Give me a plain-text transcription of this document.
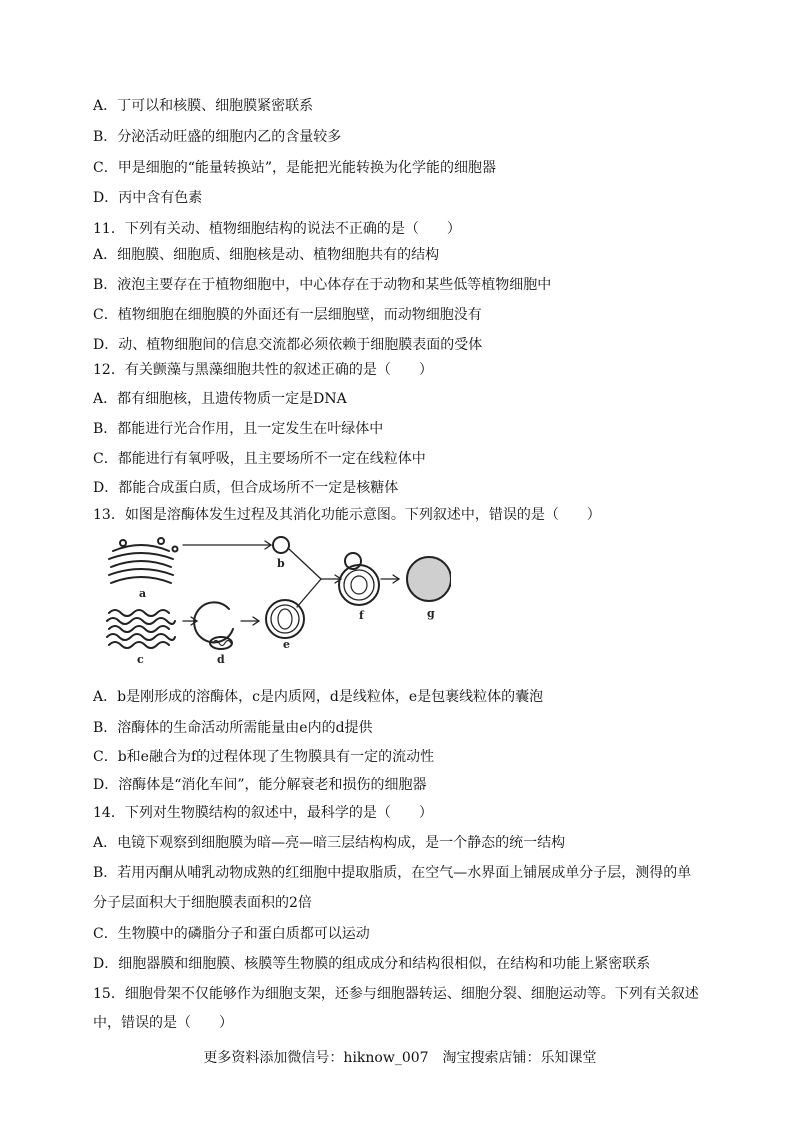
A．丁可以和核膜、细胞膜紧密联系
B．分泌活动旺盛的细胞内乙的含量较多
C．甲是细胞的“能量转换站”，是能把光能转换为化学能的细胞器
D．丙中含有色素
11．下列有关动、植物细胞结构的说法不正确的是（　　）
A．细胞膜、细胞质、细胞核是动、植物细胞共有的结构
B．液泡主要存在于植物细胞中，中心体存在于动物和某些低等植物细胞中
C．植物细胞在细胞膜的外面还有一层细胞壁，而动物细胞没有
D．动、植物细胞间的信息交流都必须依赖于细胞膜表面的受体
12．有关颤藻与黑藻细胞共性的叙述正确的是（　　）
A．都有细胞核，且遗传物质一定是DNA
B．都能进行光合作用，且一定发生在叶绿体中
C．都能进行有氧呼吸，且主要场所不一定在线粒体中
D．都能合成蛋白质，但合成场所不一定是核糖体
13．如图是溶酶体发生过程及其消化功能示意图。下列叙述中，错误的是（　　）
a
b
c	d
e
f	g
A．b是刚形成的溶酶体，c是内质网，d是线粒体，e是包裹线粒体的囊泡
B．溶酶体的生命活动所需能量由e内的d提供
C．b和e融合为f的过程体现了生物膜具有一定的流动性
D．溶酶体是“消化车间”，能分解衰老和损伤的细胞器
14．下列对生物膜结构的叙述中，最科学的是（　　）
A．电镜下观察到细胞膜为暗—亮—暗三层结构构成，是一个静态的统一结构
B．若用丙酮从哺乳动物成熟的红细胞中提取脂质，在空气—水界面上铺展成单分子层，测得的单
分子层面积大于细胞膜表面积的2倍
C．生物膜中的磷脂分子和蛋白质都可以运动
D．细胞器膜和细胞膜、核膜等生物膜的组成成分和结构很相似，在结构和功能上紧密联系
15．细胞骨架不仅能够作为细胞支架，还参与细胞器转运、细胞分裂、细胞运动等。下列有关叙述
中，错误的是（　　）
更多资料添加微信号：hiknow_007　淘宝搜索店铺：乐知课堂
